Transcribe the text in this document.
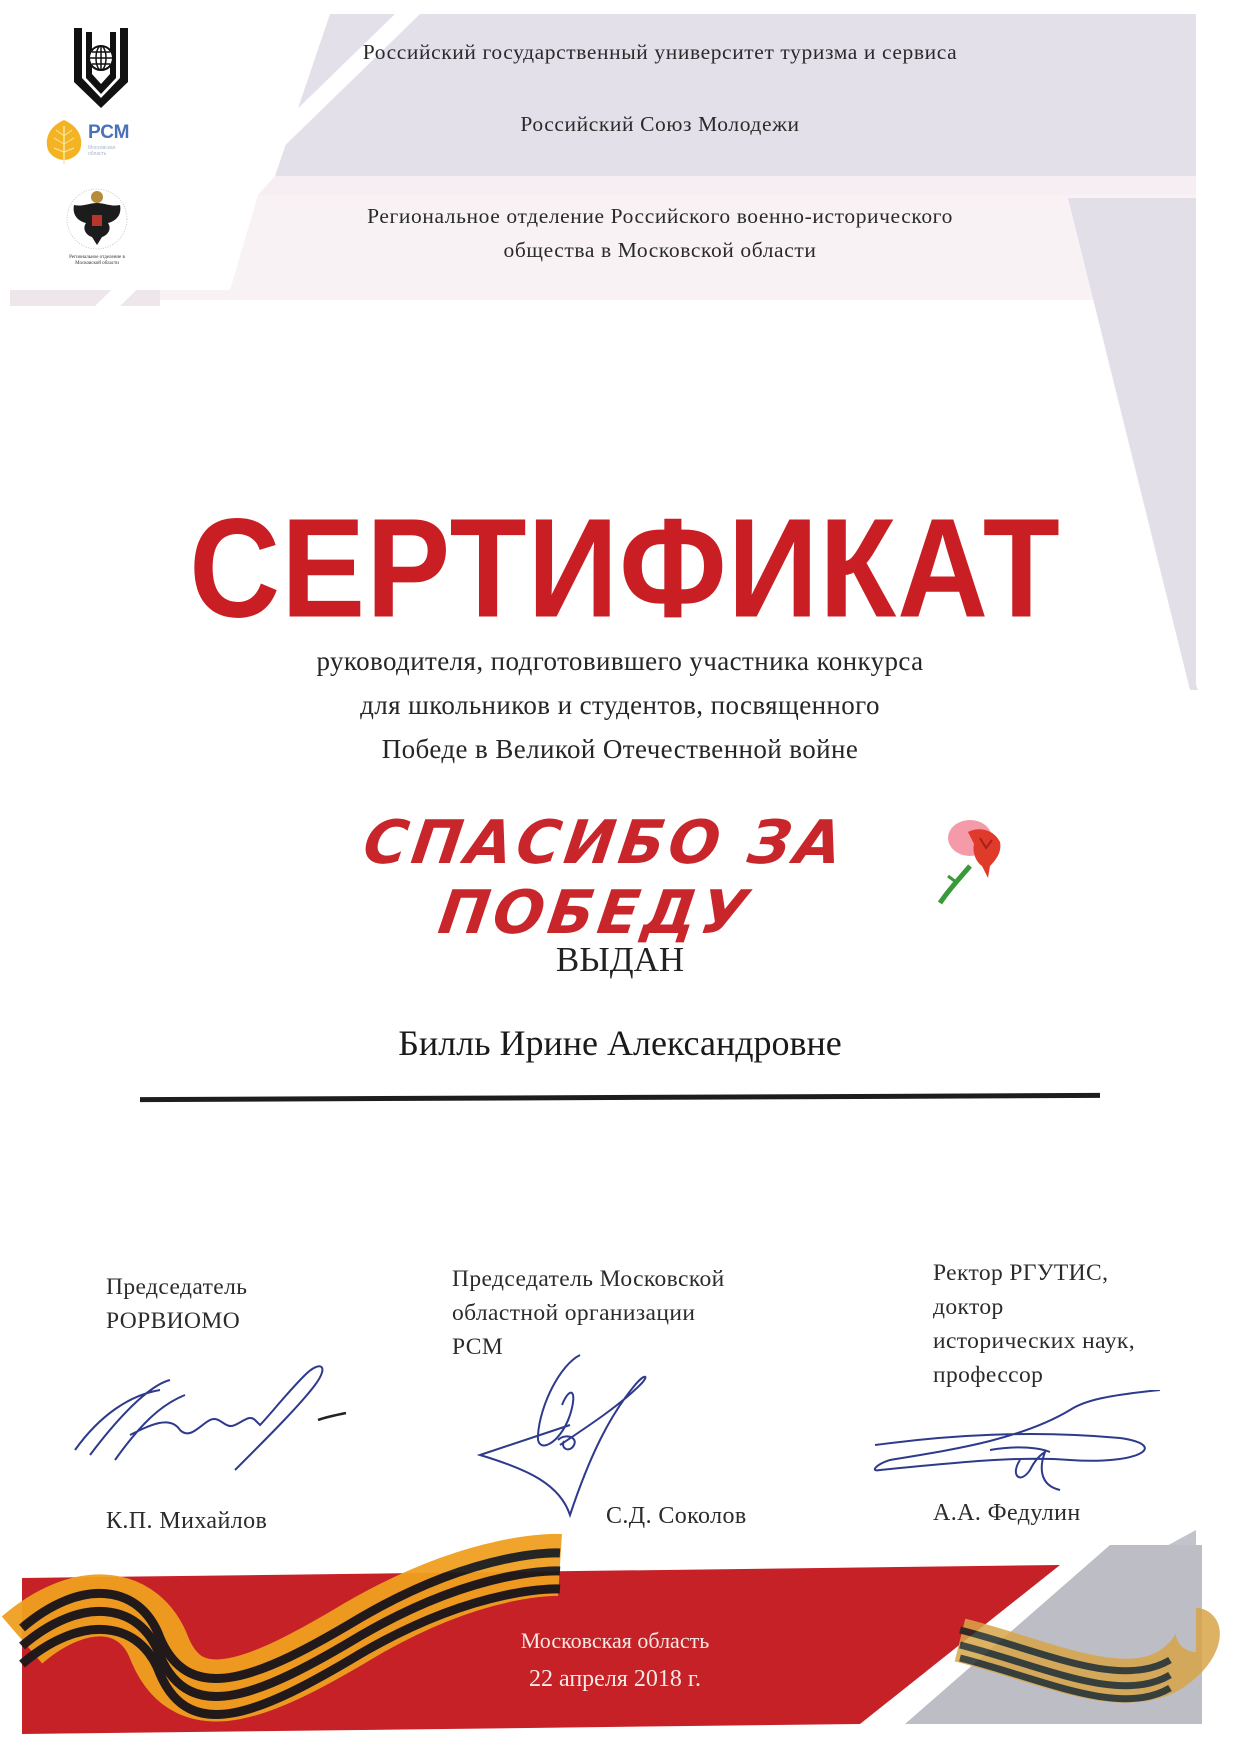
РСМ
Московская область
Региональное отделение в Московской области
Российский государственный университет туризма и сервиса
Российский Союз Молодежи
Региональное отделение Российского военно-исторического
общества в Московской области
СЕРТИФИКАТ
руководителя, подготовившего участника конкурса
для школьников и студентов, посвященного
Победе в Великой Отечественной войне
СПАСИБО ЗА ПОБЕДУ
ВЫДАН
Билль Ирине Александровне
Председатель
РОРВИОМО
К.П. Михайлов
Председатель Московской
областной организации
РСМ
С.Д. Соколов
Ректор РГУТИС,
доктор
исторических наук,
профессор
А.А. Федулин
Московская область
22 апреля 2018 г.
